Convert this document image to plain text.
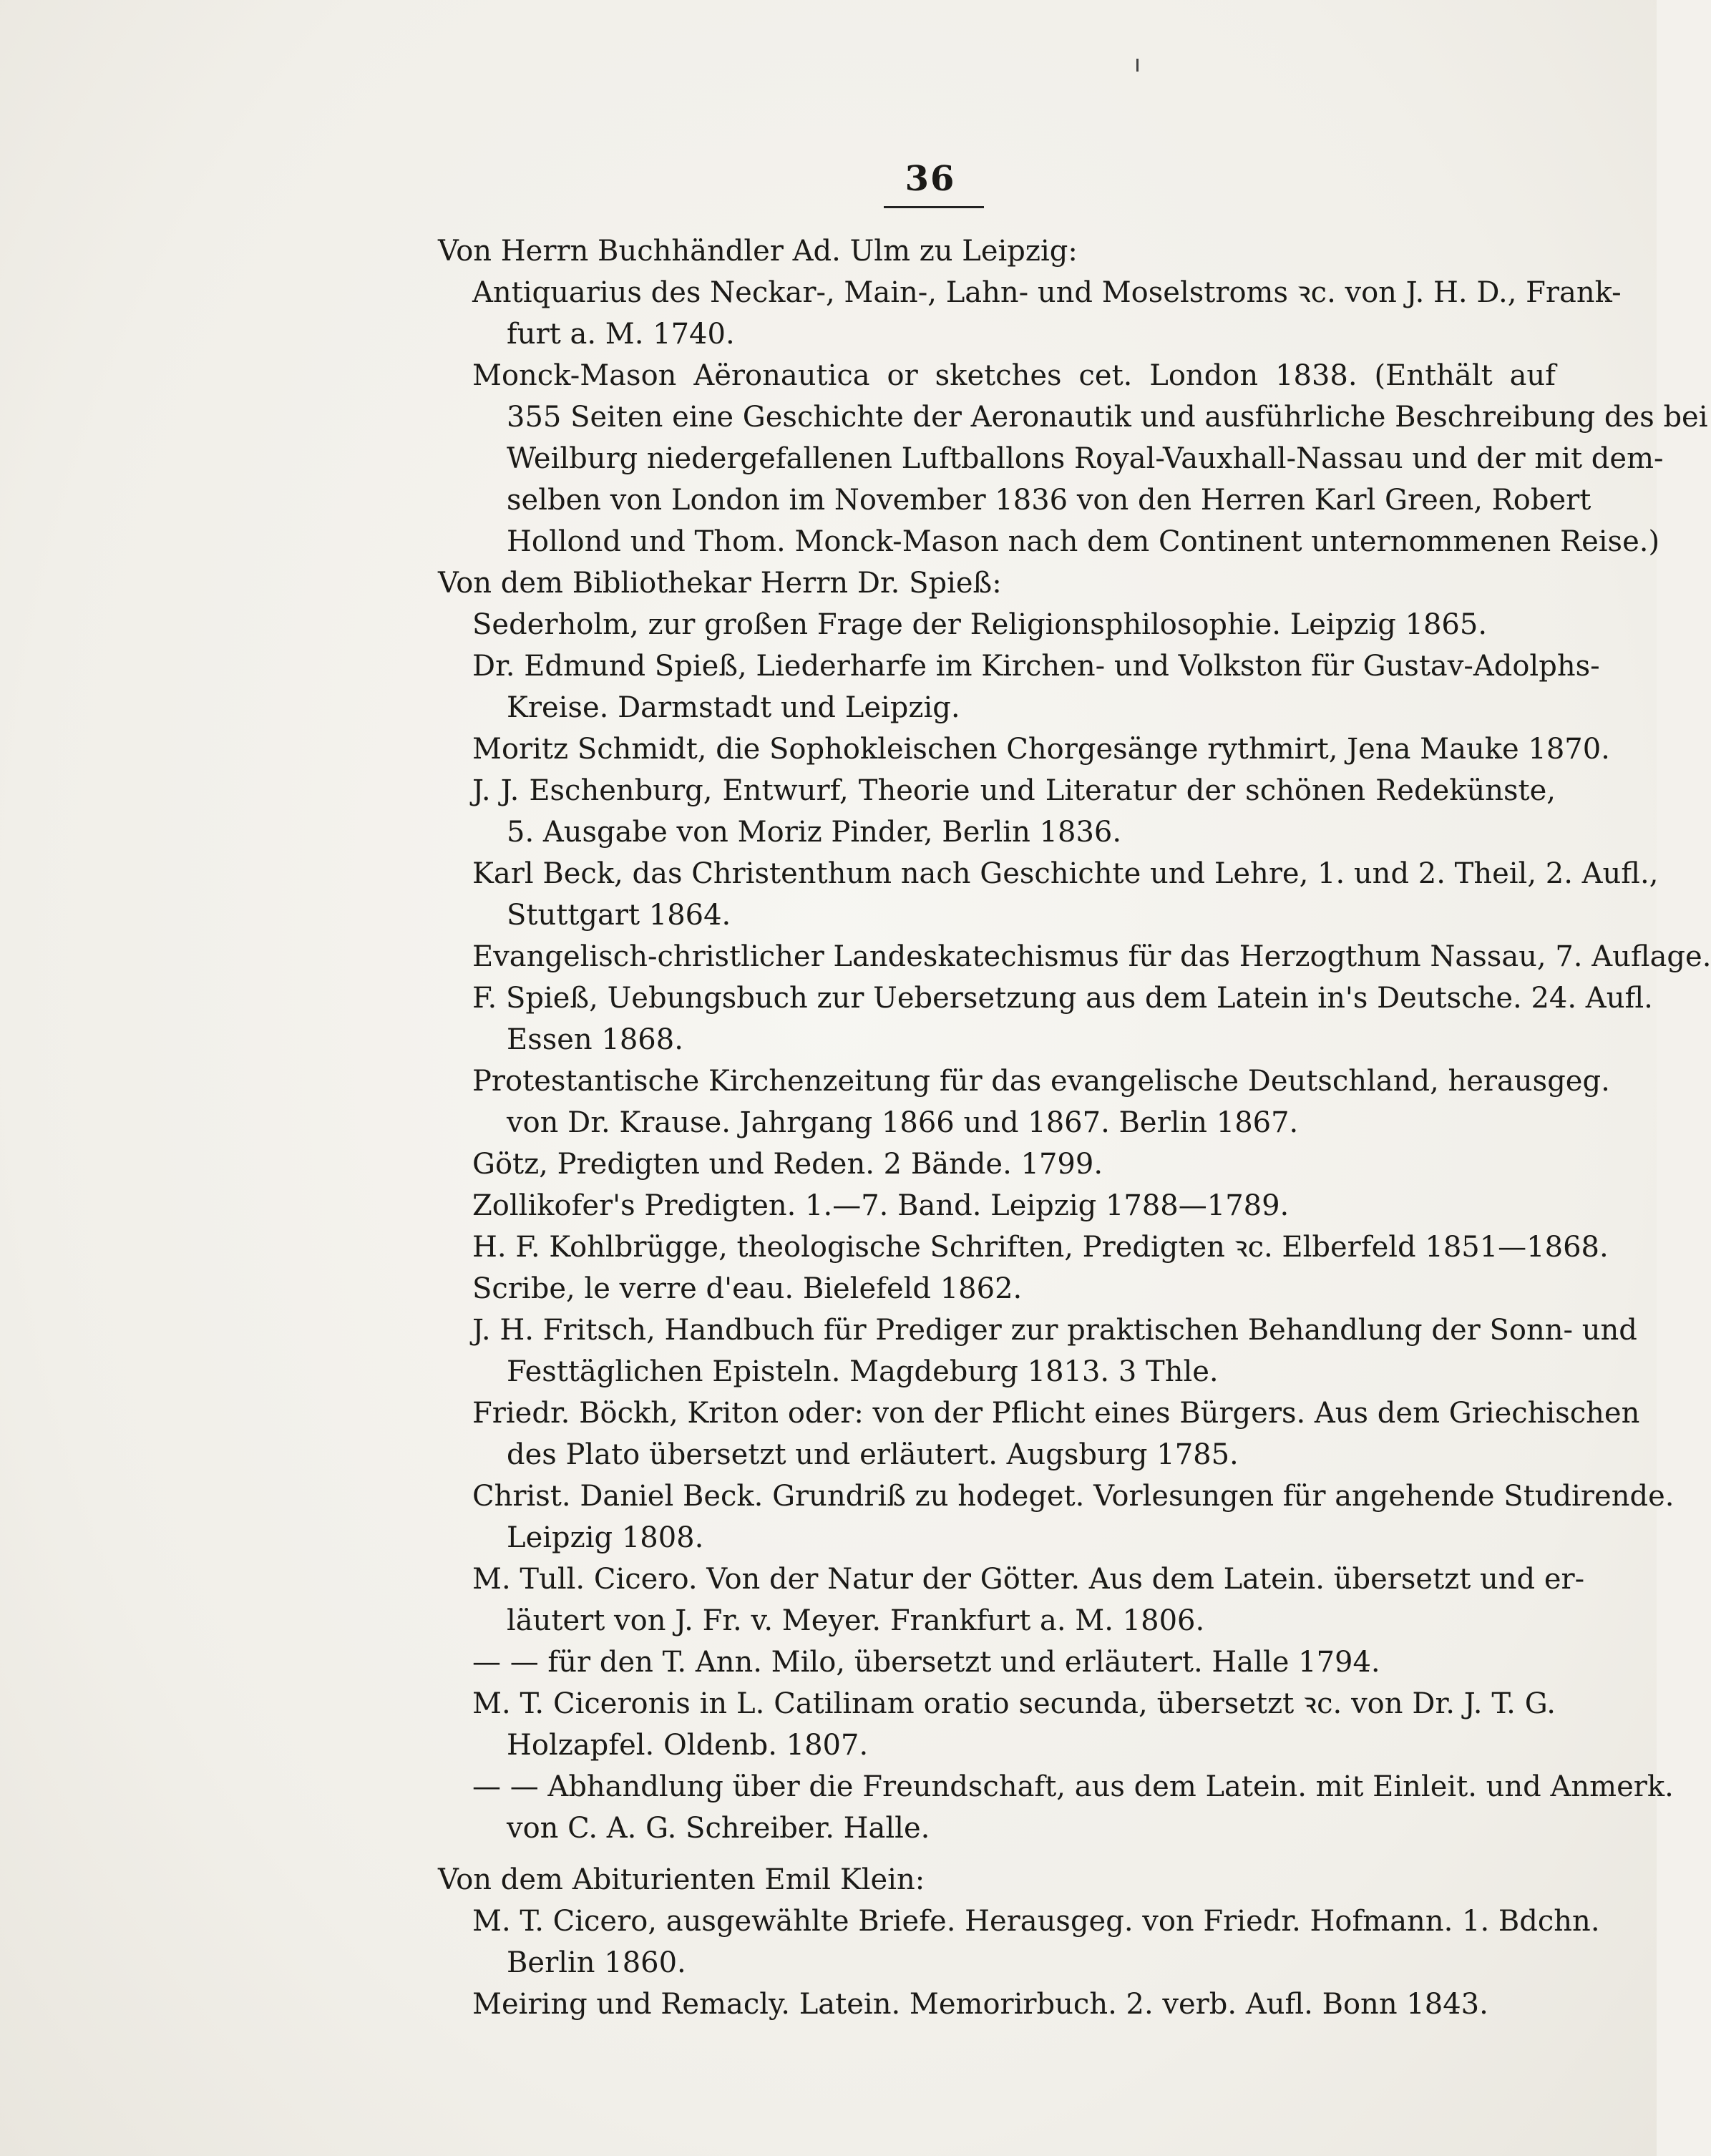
36
Von Herrn Buchhändler Ad. Ulm zu Leipzig:
Antiquarius des Neckar-, Main-, Lahn- und Moselstroms ꝛc. von J. H. D., Frank-
furt a. M. 1740.
Monck-Mason Aëronautica or sketches cet. London 1838. (Enthält auf
355 Seiten eine Geschichte der Aeronautik und ausführliche Beschreibung des bei
Weilburg niedergefallenen Luftballons Royal-Vauxhall-Nassau und der mit dem-
selben von London im November 1836 von den Herren Karl Green, Robert
Hollond und Thom. Monck-Mason nach dem Continent unternommenen Reise.)
Von dem Bibliothekar Herrn Dr. Spieß:
Sederholm, zur großen Frage der Religionsphilosophie. Leipzig 1865.
Dr. Edmund Spieß, Liederharfe im Kirchen- und Volkston für Gustav-Adolphs-
Kreise. Darmstadt und Leipzig.
Moritz Schmidt, die Sophokleischen Chorgesänge rythmirt, Jena Mauke 1870.
J. J. Eschenburg, Entwurf, Theorie und Literatur der schönen Redekünste,
5. Ausgabe von Moriz Pinder, Berlin 1836.
Karl Beck, das Christenthum nach Geschichte und Lehre, 1. und 2. Theil, 2. Aufl.,
Stuttgart 1864.
Evangelisch-christlicher Landeskatechismus für das Herzogthum Nassau, 7. Auflage.
F. Spieß, Uebungsbuch zur Uebersetzung aus dem Latein in's Deutsche. 24. Aufl.
Essen 1868.
Protestantische Kirchenzeitung für das evangelische Deutschland, herausgeg.
von Dr. Krause. Jahrgang 1866 und 1867. Berlin 1867.
Götz, Predigten und Reden. 2 Bände. 1799.
Zollikofer's Predigten. 1.—7. Band. Leipzig 1788—1789.
H. F. Kohlbrügge, theologische Schriften, Predigten ꝛc. Elberfeld 1851—1868.
Scribe, le verre d'eau. Bielefeld 1862.
J. H. Fritsch, Handbuch für Prediger zur praktischen Behandlung der Sonn- und
Festtäglichen Episteln. Magdeburg 1813. 3 Thle.
Friedr. Böckh, Kriton oder: von der Pflicht eines Bürgers. Aus dem Griechischen
des Plato übersetzt und erläutert. Augsburg 1785.
Christ. Daniel Beck. Grundriß zu hodeget. Vorlesungen für angehende Studirende.
Leipzig 1808.
M. Tull. Cicero. Von der Natur der Götter. Aus dem Latein. übersetzt und er-
läutert von J. Fr. v. Meyer. Frankfurt a. M. 1806.
— — für den T. Ann. Milo, übersetzt und erläutert. Halle 1794.
M. T. Ciceronis in L. Catilinam oratio secunda, übersetzt ꝛc. von Dr. J. T. G.
Holzapfel. Oldenb. 1807.
— — Abhandlung über die Freundschaft, aus dem Latein. mit Einleit. und Anmerk.
von C. A. G. Schreiber. Halle.
Von dem Abiturienten Emil Klein:
M. T. Cicero, ausgewählte Briefe. Herausgeg. von Friedr. Hofmann. 1. Bdchn.
Berlin 1860.
Meiring und Remacly. Latein. Memorirbuch. 2. verb. Aufl. Bonn 1843.
